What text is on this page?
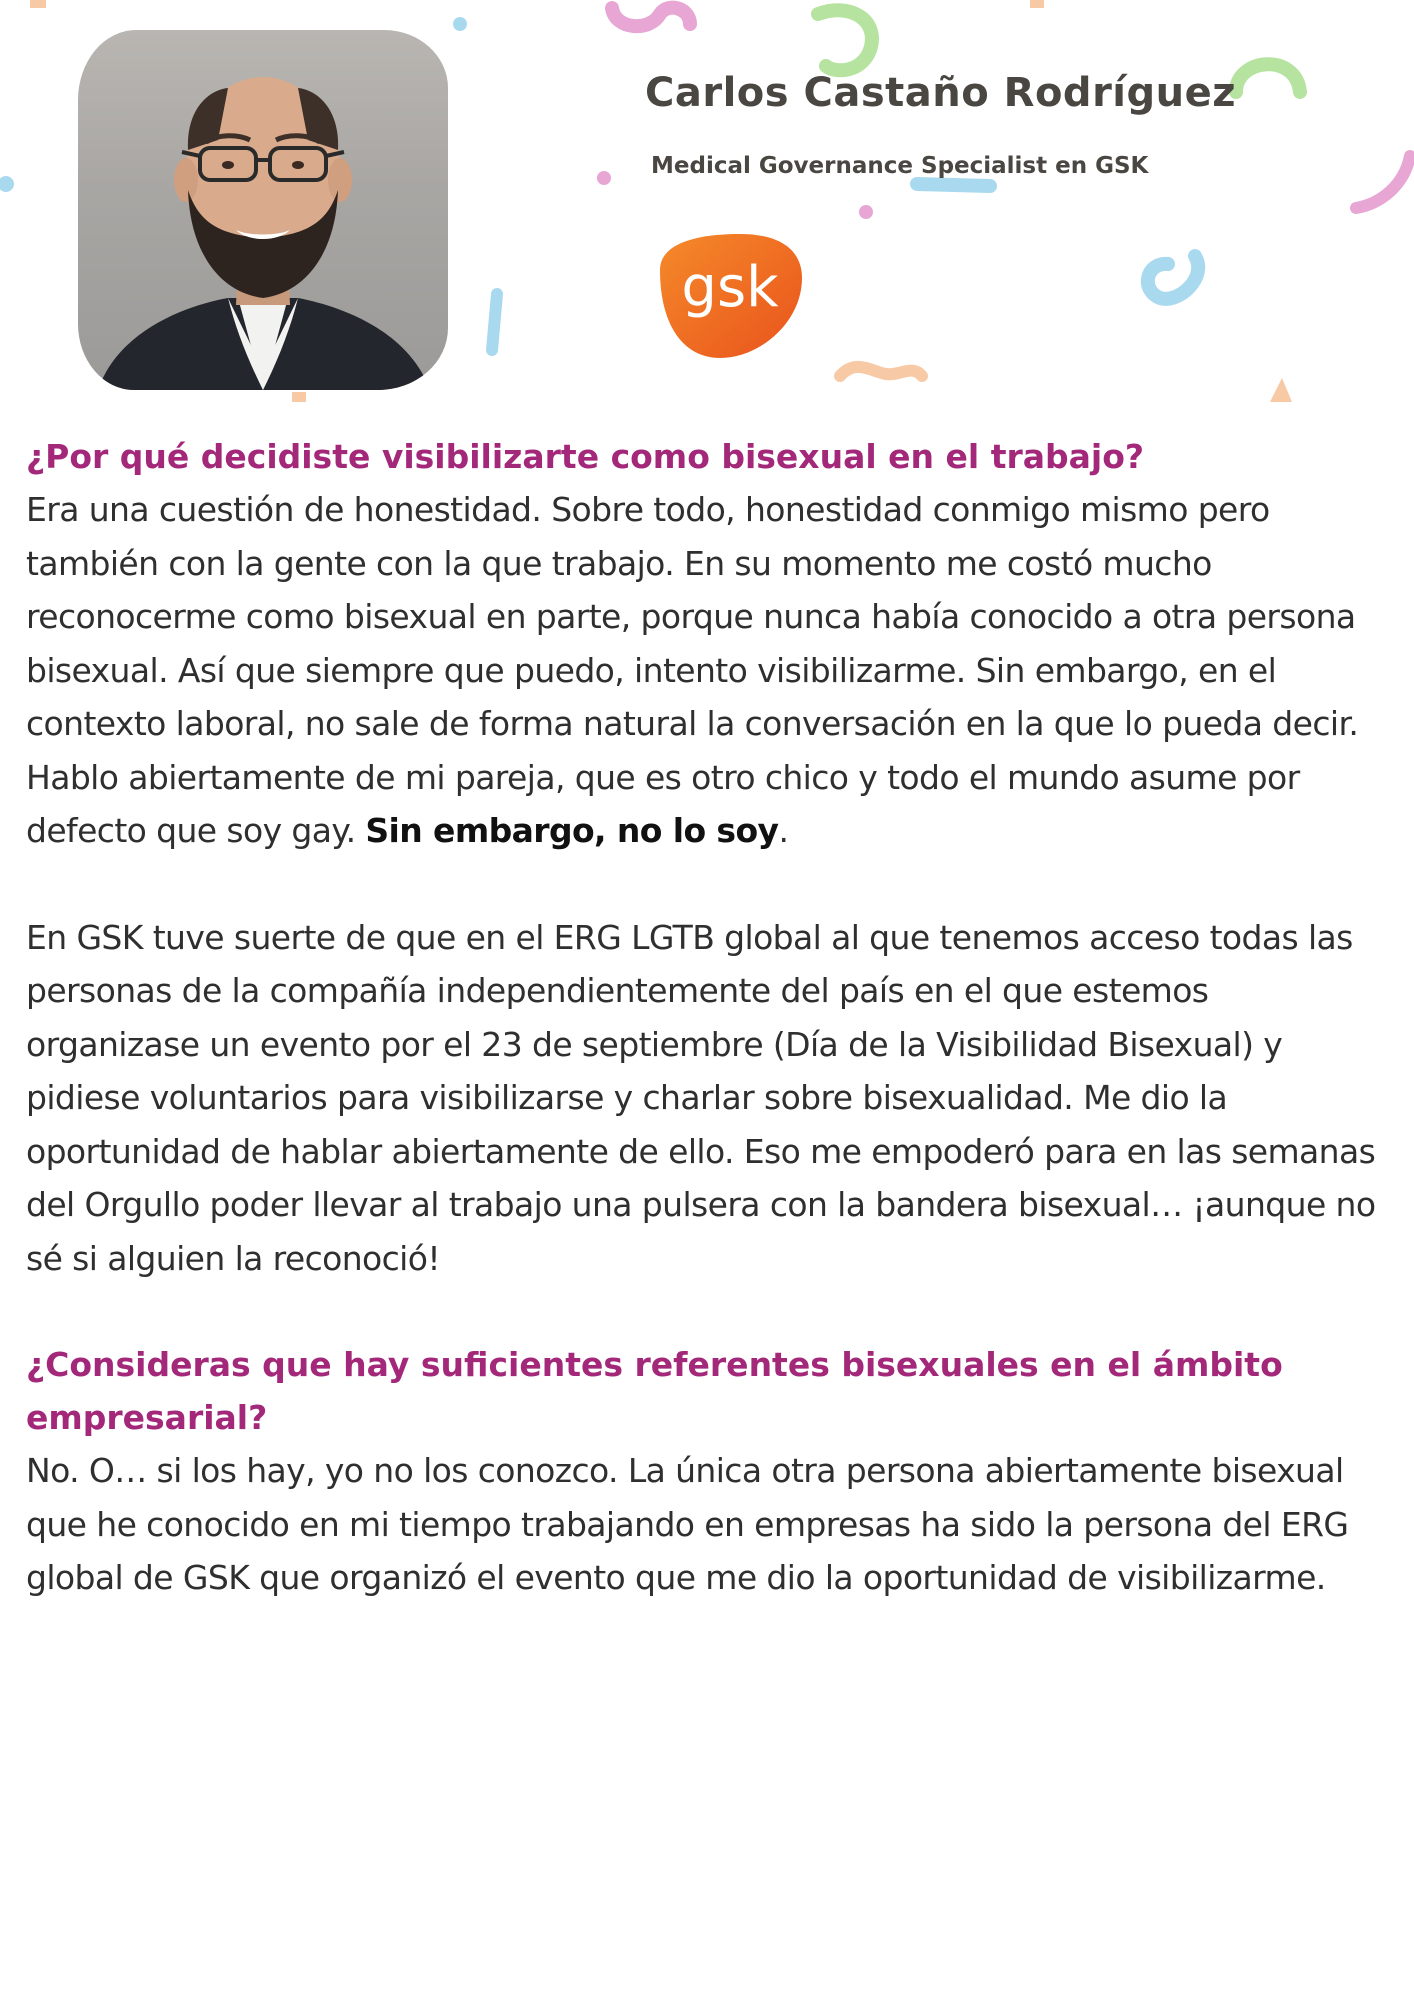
Carlos Castaño Rodríguez

Medical Governance Specialist en GSK

gsk
¿Por qué decidiste visibilizarte como bisexual en el trabajo?

Era una cuestión de honestidad. Sobre todo, honestidad conmigo mismo pero también con la gente con la que trabajo. En su momento me costó mucho reconocerme como bisexual en parte, porque nunca había conocido a otra persona bisexual. Así que siempre que puedo, intento visibilizarme. Sin embargo, en el contexto laboral, no sale de forma natural la conversación en la que lo pueda decir. Hablo abiertamente de mi pareja, que es otro chico y todo el mundo asume por defecto que soy gay. Sin embargo, no lo soy.

En GSK tuve suerte de que en el ERG LGTB global al que tenemos acceso todas las personas de la compañía independientemente del país en el que estemos organizase un evento por el 23 de septiembre (Día de la Visibilidad Bisexual) y pidiese voluntarios para visibilizarse y charlar sobre bisexualidad. Me dio la oportunidad de hablar abiertamente de ello. Eso me empoderó para en las semanas del Orgullo poder llevar al trabajo una pulsera con la bandera bisexual… ¡aunque no sé si alguien la reconoció!

¿Consideras que hay suficientes referentes bisexuales en el ámbito empresarial?

No. O… si los hay, yo no los conozco. La única otra persona abiertamente bisexual que he conocido en mi tiempo trabajando en empresas ha sido la persona del ERG global de GSK que organizó el evento que me dio la oportunidad de visibilizarme.
